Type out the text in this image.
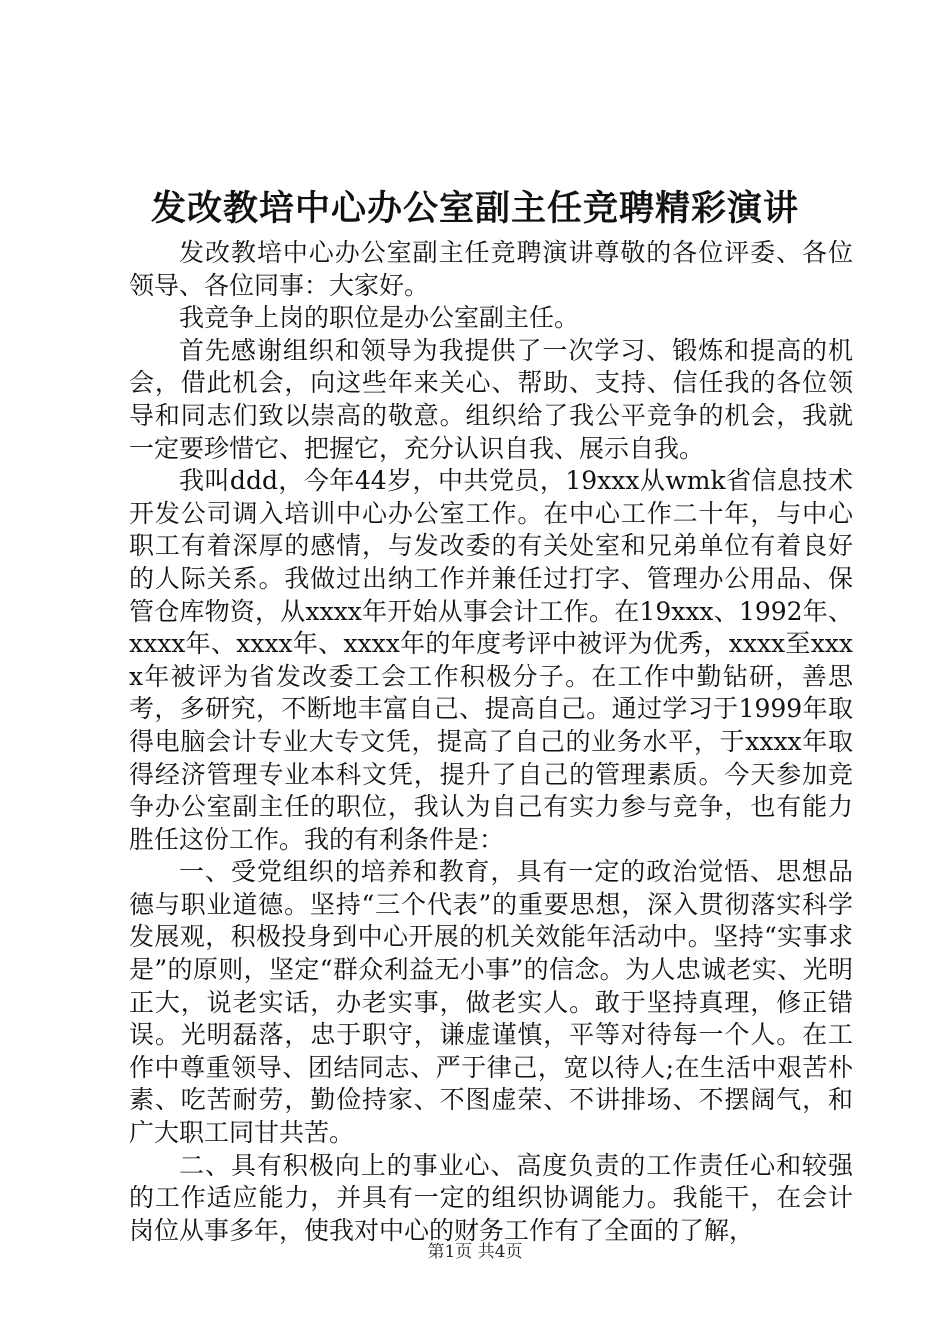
发改教培中心办公室副主任竞聘精彩演讲

发改教培中心办公室副主任竞聘演讲尊敬的各位评委、各位领导、各位同事：大家好。

我竞争上岗的职位是办公室副主任。

首先感谢组织和领导为我提供了一次学习、锻炼和提高的机会，借此机会，向这些年来关心、帮助、支持、信任我的各位领导和同志们致以崇高的敬意。组织给了我公平竞争的机会，我就一定要珍惜它、把握它，充分认识自我、展示自我。

我叫ddd，今年44岁，中共党员，19xxx从wmk省信息技术开发公司调入培训中心办公室工作。在中心工作二十年，与中心职工有着深厚的感情，与发改委的有关处室和兄弟单位有着良好的人际关系。我做过出纳工作并兼任过打字、管理办公用品、保管仓库物资，从xxxx年开始从事会计工作。在19xxx、1992年、xxxx年、xxxx年、xxxx年的年度考评中被评为优秀，xxxx至xxxx年被评为省发改委工会工作积极分子。在工作中勤钻研，善思考，多研究，不断地丰富自己、提高自己。通过学习于1999年取得电脑会计专业大专文凭，提高了自己的业务水平，于xxxx年取得经济管理专业本科文凭，提升了自己的管理素质。今天参加竞争办公室副主任的职位，我认为自己有实力参与竞争，也有能力胜任这份工作。我的有利条件是：

一、受党组织的培养和教育，具有一定的政治觉悟、思想品德与职业道德。坚持“三个代表”的重要思想，深入贯彻落实科学发展观，积极投身到中心开展的机关效能年活动中。坚持“实事求是”的原则，坚定“群众利益无小事”的信念。为人忠诚老实、光明正大，说老实话，办老实事，做老实人。敢于坚持真理，修正错误。光明磊落，忠于职守，谦虚谨慎，平等对待每一个人。在工作中尊重领导、团结同志、严于律己，宽以待人;在生活中艰苦朴素、吃苦耐劳，勤俭持家、不图虚荣、不讲排场、不摆阔气，和广大职工同甘共苦。

二、具有积极向上的事业心、高度负责的工作责任心和较强的工作适应能力，并具有一定的组织协调能力。我能干，在会计岗位从事多年，使我对中心的财务工作有了全面的了解，

第1页 共4页
